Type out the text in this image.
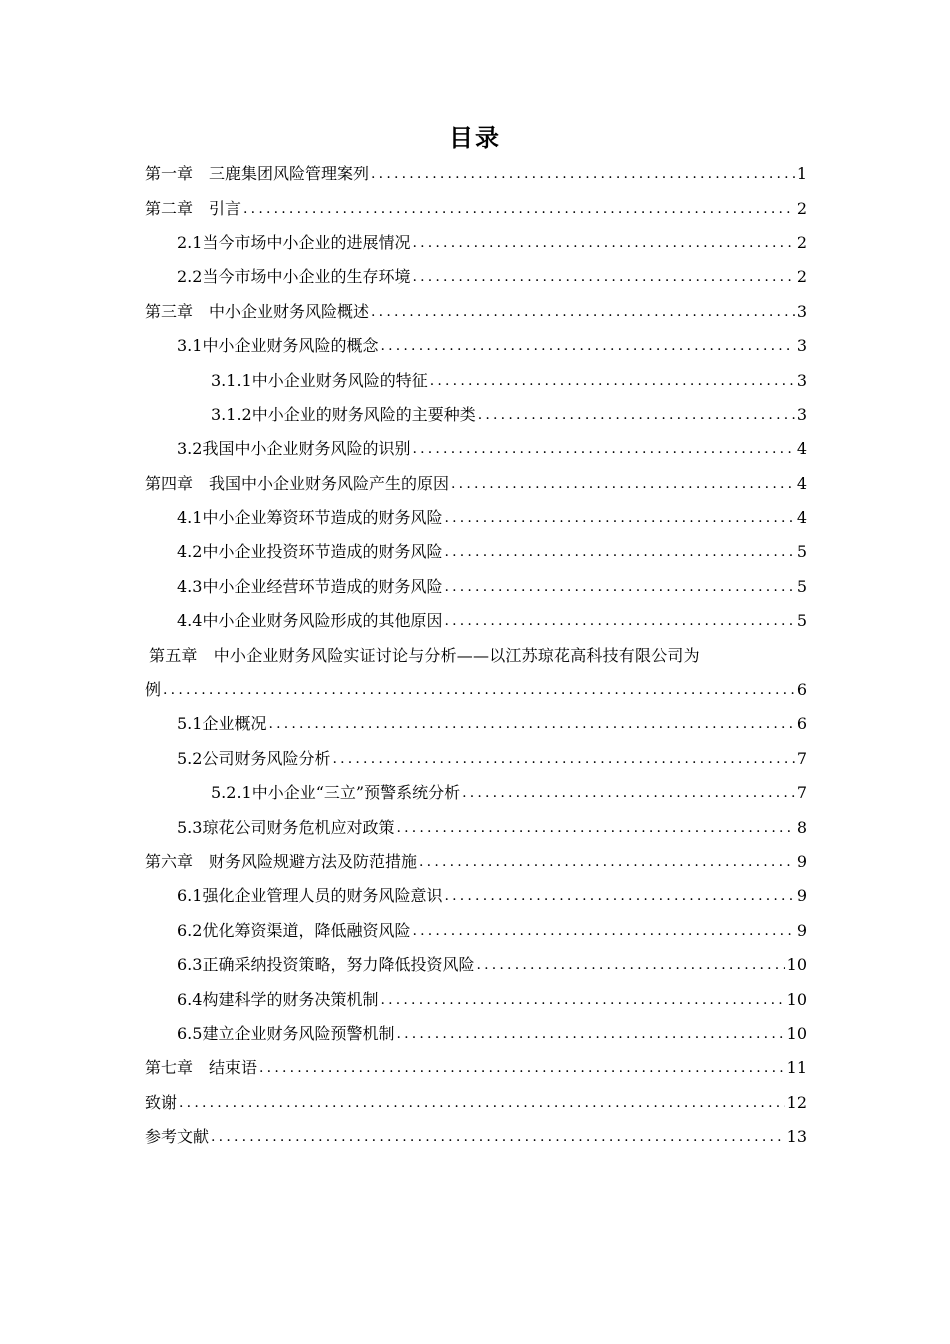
目录
第一章　三鹿集团风险管理案列 .....	1
第二章　引言 .....	2
2.1当今市场中小企业的进展情况 .....	2
2.2当今市场中小企业的生存环境 .....	2
第三章　中小企业财务风险概述 .....	3
3.1中小企业财务风险的概念 .....	3
3.1.1中小企业财务风险的特征 .....	3
3.1.2中小企业的财务风险的主要种类 .....	3
3.2我国中小企业财务风险的识别 .....	4
第四章　我国中小企业财务风险产生的原因 .....	4
4.1中小企业筹资环节造成的财务风险 .....	4
4.2中小企业投资环节造成的财务风险 .....	5
4.3中小企业经营环节造成的财务风险 .....	5
4.4中小企业财务风险形成的其他原因 .....	5
第五章　中小企业财务风险实证讨论与分析——以江苏琼花高科技有限公司为
例 .....	6
5.1企业概况 .....	6
5.2公司财务风险分析 .....	7
5.2.1中小企业“三立”预警系统分析 .....	7
5.3琼花公司财务危机应对政策 .....	8
第六章　财务风险规避方法及防范措施 .....	9
6.1强化企业管理人员的财务风险意识 .....	9
6.2优化筹资渠道，降低融资风险 .....	9
6.3正确采纳投资策略，努力降低投资风险 .....	10
6.4构建科学的财务决策机制 .....	10
6.5建立企业财务风险预警机制 .....	10
第七章　结束语 .....	11
致谢 .....	12
参考文献 .....	13
